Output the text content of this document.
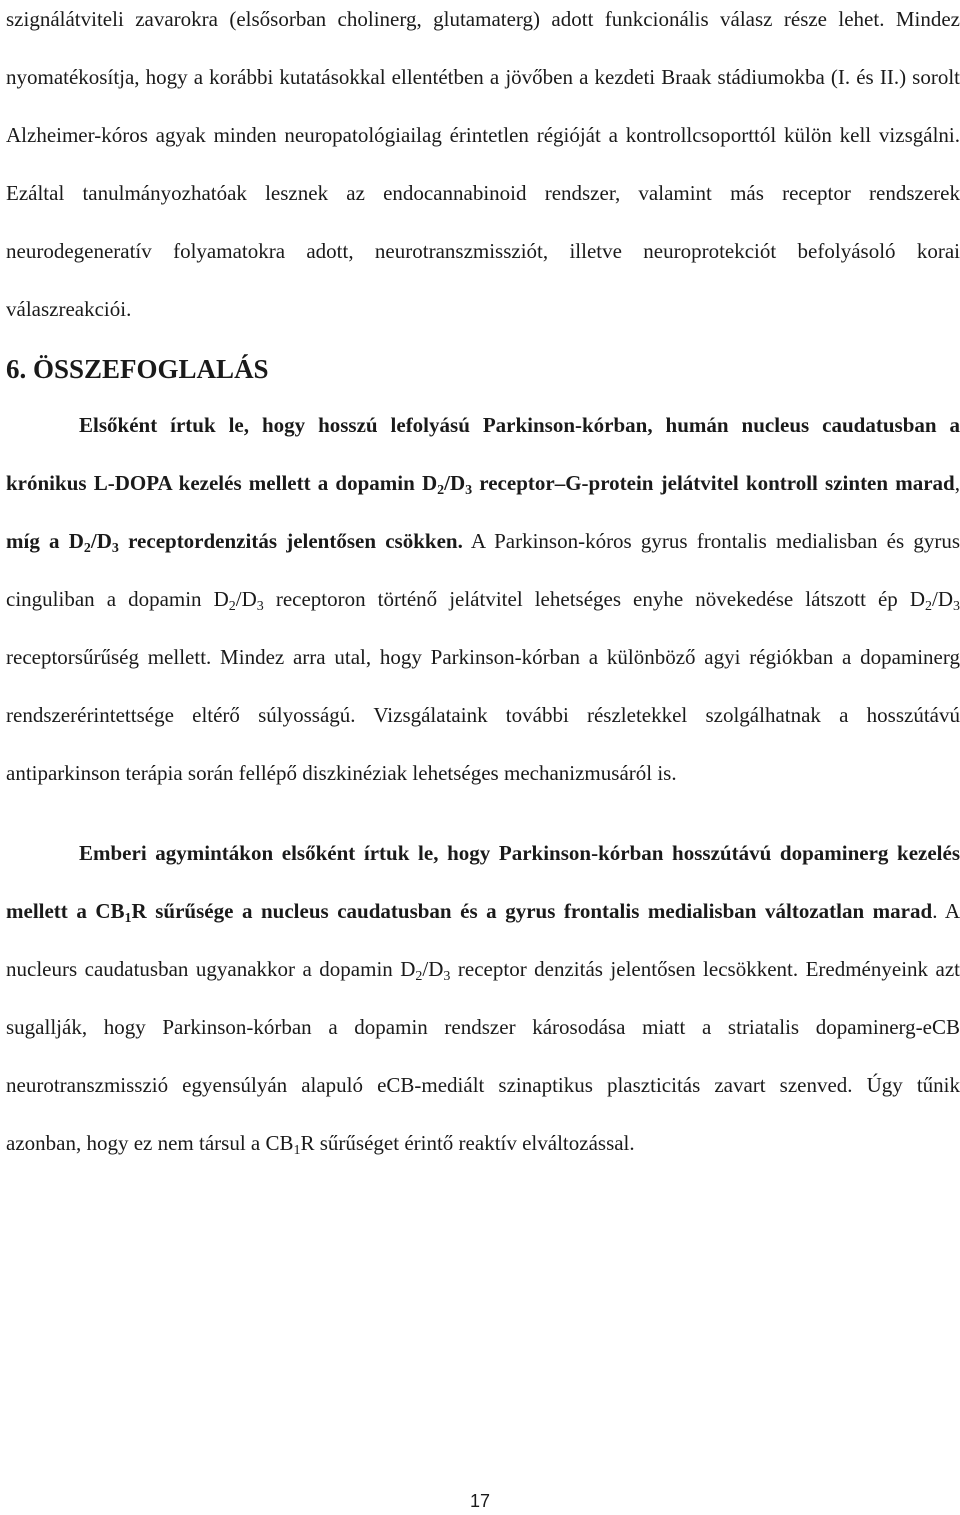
szignálátviteli zavarokra (elsősorban cholinerg, glutamaterg) adott funkcionális válasz része lehet. Mindez nyomatékosítja, hogy a korábbi kutatásokkal ellentétben a jövőben a kezdeti Braak stádiumokba (I. és II.) sorolt Alzheimer-kóros agyak minden neuropatológiailag érintetlen régióját a kontrollcsoporttól külön kell vizsgálni. Ezáltal tanulmányozhatóak lesznek az endocannabinoid rendszer, valamint más receptor rendszerek neurodegeneratív folyamatokra adott, neurotranszmissziót, illetve neuroprotekciót befolyásoló korai válaszreakciói.

6. ÖSSZEFOGLALÁS

Elsőként írtuk le, hogy hosszú lefolyású Parkinson-kórban, humán nucleus caudatusban a krónikus L-DOPA kezelés mellett a dopamin $D_2/D_3$ receptor–G-protein jelátvitel kontroll szinten marad, míg a $D_2/D_3$ receptordenzitás jelentősen csökken. A Parkinson-kóros gyrus frontalis medialisban és gyrus cinguliban a dopamin $D_2/D_3$ receptoron történő jelátvitel lehetséges enyhe növekedése látszott ép $D_2/D_3$ receptorsűrűség mellett. Mindez arra utal, hogy Parkinson-kórban a különböző agyi régiókban a dopaminerg rendszerérintettsége eltérő súlyosságú. Vizsgálataink további részletekkel szolgálhatnak a hosszútávú antiparkinson terápia során fellépő diszkinéziak lehetséges mechanizmusáról is.

Emberi agymintákon elsőként írtuk le, hogy Parkinson-kórban hosszútávú dopaminerg kezelés mellett a $CB_1R$ sűrűsége a nucleus caudatusban és a gyrus frontalis medialisban változatlan marad. A nucleurs caudatusban ugyanakkor a dopamin $D_2/D_3$ receptor denzitás jelentősen lecsökkent. Eredményeink azt sugallják, hogy Parkinson-kórban a dopamin rendszer károsodása miatt a striatalis dopaminerg-eCB neurotranszmisszió egyensúlyán alapuló eCB-mediált szinaptikus plaszticitás zavart szenved. Úgy tűnik azonban, hogy ez nem társul a $CB_1R$ sűrűséget érintő reaktív elváltozással.

17
